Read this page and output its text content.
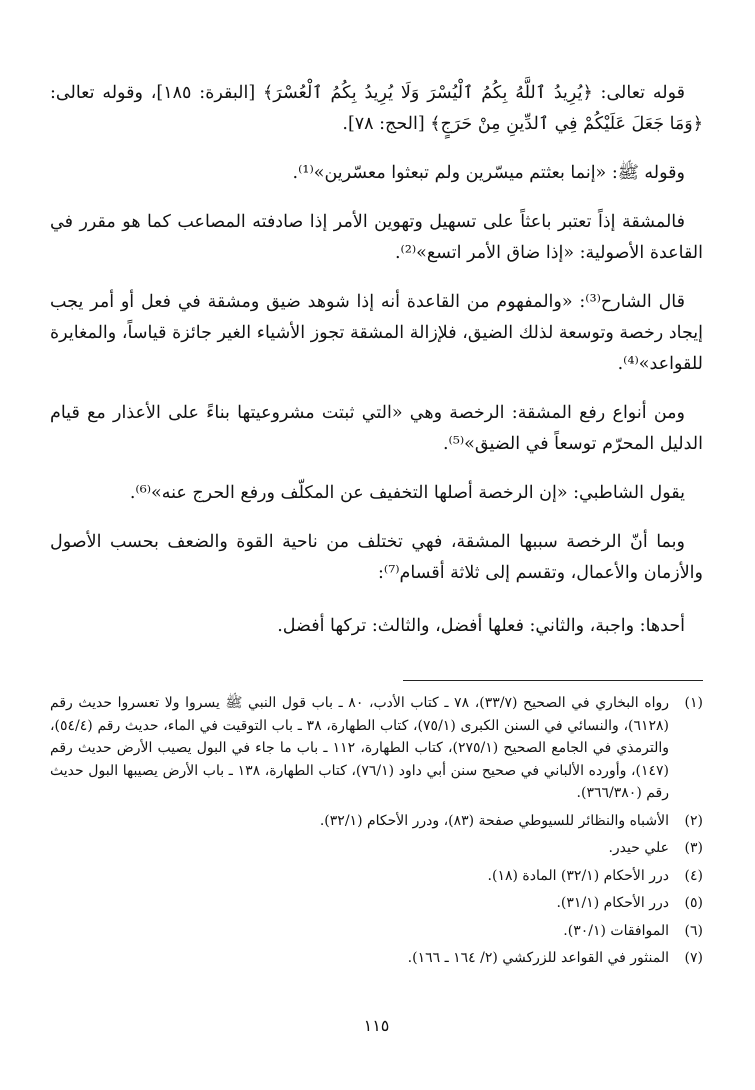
قوله تعالى: ﴿يُرِيدُ ٱللَّهُ بِكُمُ ٱلْيُسْرَ وَلَا يُرِيدُ بِكُمُ ٱلْعُسْرَ﴾ [البقرة: ١٨٥]، وقوله تعالى: ﴿وَمَا جَعَلَ عَلَيْكُمْ فِي ٱلدِّينِ مِنْ حَرَجٍ﴾ [الحج: ٧٨].

وقوله ﷺ: «إنما بعثتم ميسّرين ولم تبعثوا معسّرين»⁽¹⁾.

فالمشقة إذاً تعتبر باعثاً على تسهيل وتهوين الأمر إذا صادفته المصاعب كما هو مقرر في القاعدة الأصولية: «إذا ضاق الأمر اتسع»⁽²⁾.

قال الشارح⁽³⁾: «والمفهوم من القاعدة أنه إذا شوهد ضيق ومشقة في فعل أو أمر يجب إيجاد رخصة وتوسعة لذلك الضيق، فلإزالة المشقة تجوز الأشياء الغير جائزة قياساً، والمغايرة للقواعد»⁽⁴⁾.

ومن أنواع رفع المشقة: الرخصة وهي «التي ثبتت مشروعيتها بناءً على الأعذار مع قيام الدليل المحرّم توسعاً في الضيق»⁽⁵⁾.

يقول الشاطبي: «إن الرخصة أصلها التخفيف عن المكلّف ورفع الحرج عنه»⁽⁶⁾.

وبما أنّ الرخصة سببها المشقة، فهي تختلف من ناحية القوة والضعف بحسب الأصول والأزمان والأعمال، وتقسم إلى ثلاثة أقسام⁽⁷⁾:

أحدها: واجبة، والثاني: فعلها أفضل، والثالث: تركها أفضل.

(١)
رواه البخاري في الصحيح (٣٣/٧)، ٧٨ ـ كتاب الأدب، ٨٠ ـ باب قول النبي ﷺ يسروا ولا تعسروا حديث رقم (٦١٢٨)، والنسائي في السنن الكبرى (٧٥/١)، كتاب الطهارة، ٣٨ ـ باب التوقيت في الماء، حديث رقم (٥٤/٤)، والترمذي في الجامع الصحيح (٢٧٥/١)، كتاب الطهارة، ١١٢ ـ باب ما جاء في البول يصيب الأرض حديث رقم (١٤٧)، وأورده الألباني في صحيح سنن أبي داود (٧٦/١)، كتاب الطهارة، ١٣٨ ـ باب الأرض يصيبها البول حديث رقم (٣٦٦/٣٨٠).
(٢)
الأشباه والنظائر للسيوطي صفحة (٨٣)، ودرر الأحكام (٣٢/١).
(٣)
علي حيدر.
(٤)
درر الأحكام (٣٢/١) المادة (١٨).
(٥)
درر الأحكام (٣١/١).
(٦)
الموافقات (٣٠/١).
(٧)
المنثور في القواعد للزركشي (٢/ ١٦٤ ـ ١٦٦).
١١٥
